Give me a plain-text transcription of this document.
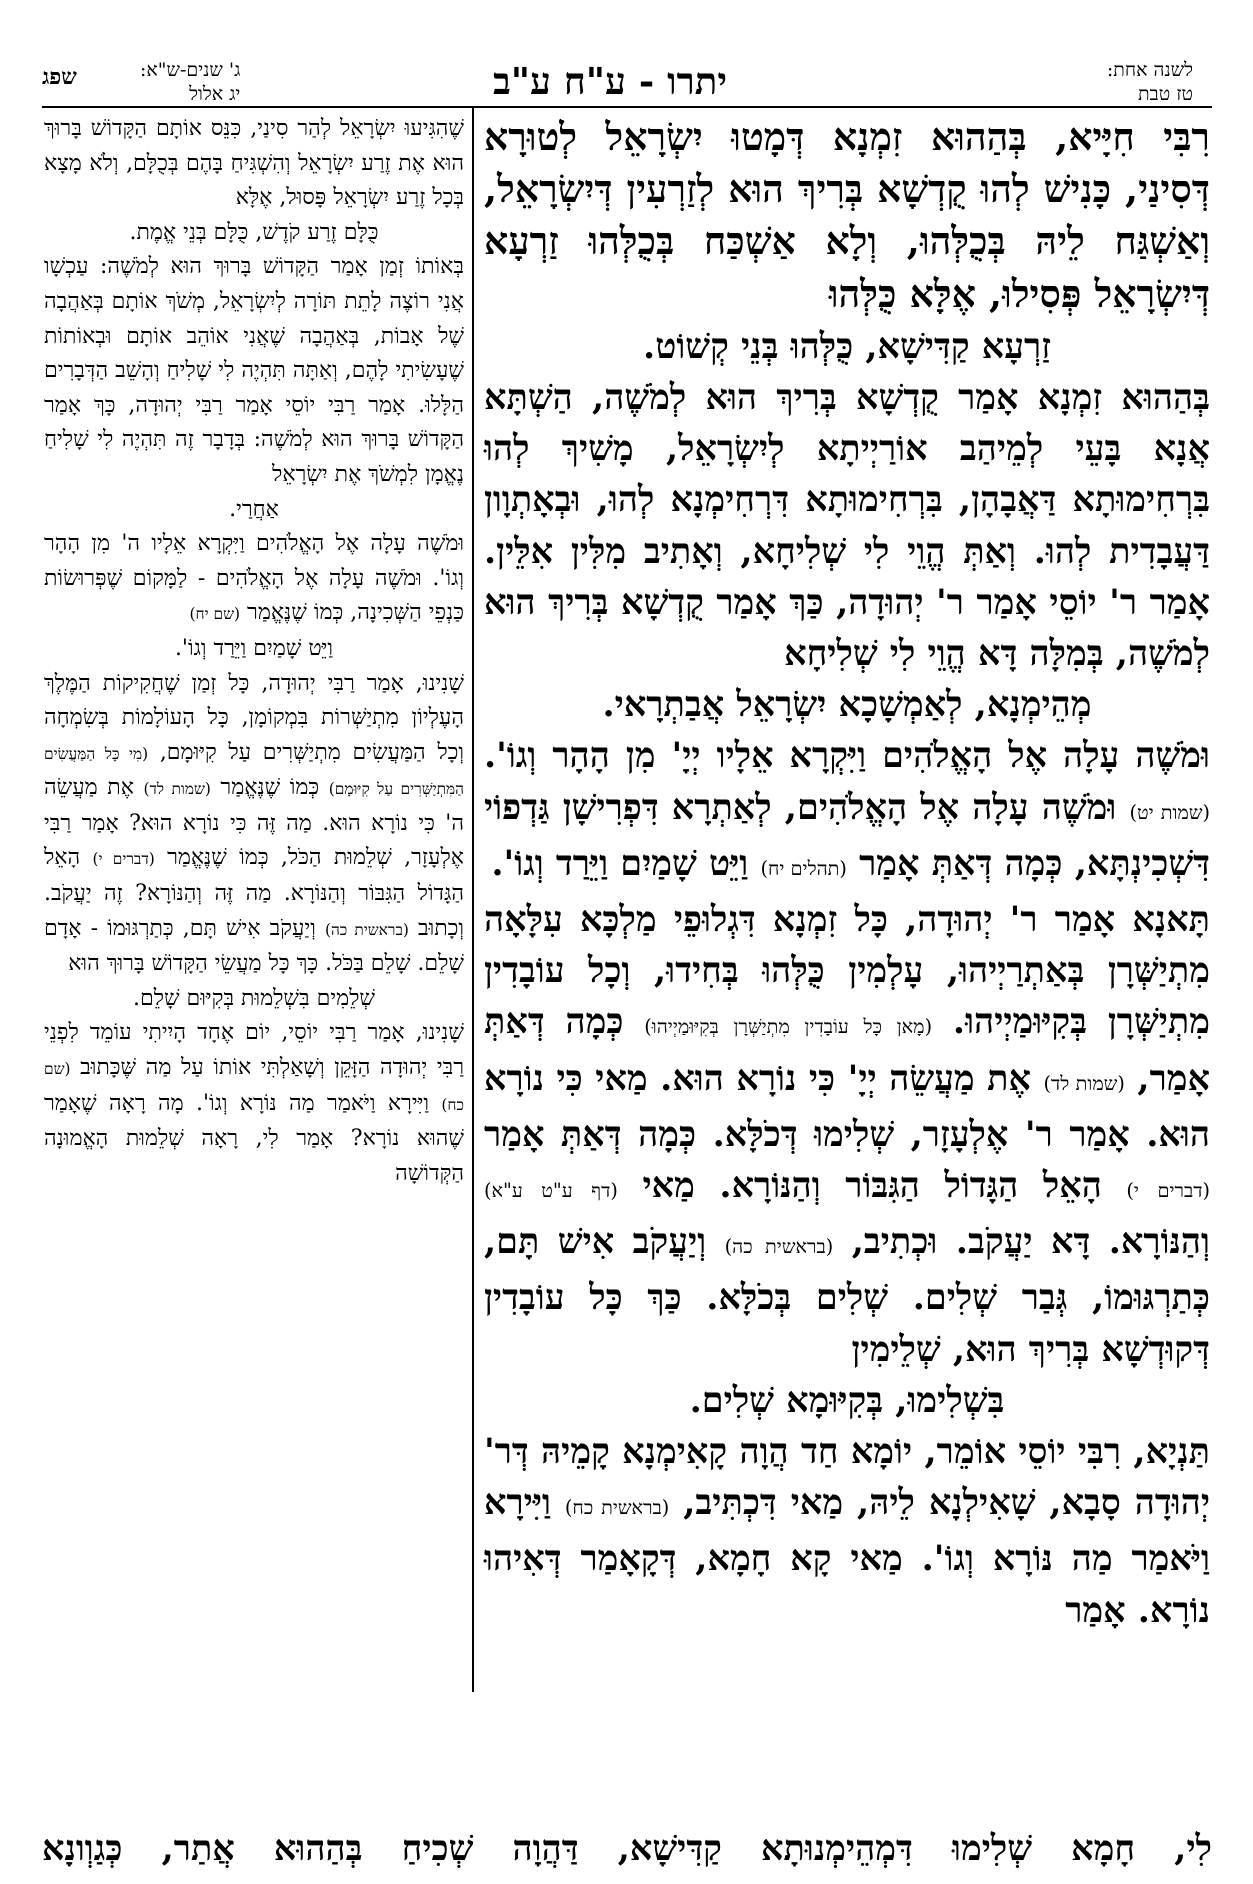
לשנה אחת:
טז טבת
יתרו - ע"ח ע"ב
ג' שנים-ש"א:
יג אלול
שפג

רִבִּי חִיָּיא, בְּהַהוּא זִמְנָא דְּמָטוּ יִשְׂרָאֵל לְטוּרָא דְּסִינַי, כָּנִישׁ לְהוּ קֻדְשָׁא בְּרִיךְ הוּא לְזַרְעִין דְּיִשְׂרָאֵל, וְאַשְׁגַּח לֵיהּ בְּכֻלְּהוּ, וְלָא אַשְׁכַּח בְּכֻלְּהוּ זַרְעָא דְּיִשְׂרָאֵל פְּסִילוּ, אֶלָּא כֻּלְּהוּ

זַרְעָא קַדִּישָׁא, כֻּלְּהוּ בְּנֵי קְשׁוֹט.

בְּהַהוּא זִמְנָא אָמַר קֻדְשָׁא בְּרִיךְ הוּא לְמֹשֶׁה, הַשְׁתָּא אֲנָא בָּעֵי לְמֵיהַב אוֹרַיְיתָא לְיִשְׂרָאֵל, מָשִׁיךְ לְהוּ בִּרְחִימוּתָא דַּאֲבָהָן, בִּרְחִימוּתָא דִּרְחִימְנָא לְהוּ, וּבְאָתְוָון דַּעֲבָדִית לְהוּ. וְאַתְּ הֱוֵי לִי שְׁלִיחָא, וְאָתִיב מִלִּין אִלֵּין. אָמַר ר' יוֹסֵי אָמַר ר' יְהוּדָה, כַּךְ אָמַר קֻדְשָׁא בְּרִיךְ הוּא לְמֹשֶׁה, בְּמִלָּה דָּא הֱוֵי לִי שְׁלִיחָא

מְהֵימְנָא, לְאַמְשָׁכָא יִשְׂרָאֵל אֲבַתְרָאי.

וּמֹשֶׁה עָלָה אֶל הָאֱלֹהִים וַיִּקְרָא אֵלָיו יְיָ' מִן הָהָר וְגוֹ'. (שמות יט) וּמֹשֶׁה עָלָה אֶל הָאֱלֹהִים, לְאַתְרָא דִּפְרִישָׁן גַּדְפוֹי דִּשְׁכִינְתָּא, כְּמָה דְּאַתְּ אָמַר (תהלים יח) וַיֵּט שָׁמַיִם וַיֵּרַד וְגוֹ'.

תָּאנָא אָמַר ר' יְהוּדָה, כָּל זִמְנָא דִּגְלוּפֵי מַלְכָּא עִלָּאָה מִתְיַשְּׁרָן בְּאַתְרַיְיהוּ, עָלְמִין כֻּלְּהוּ בְּחִידוּ, וְכָל עוֹבָדִין מִתְיַשְּׁרָן בְּקִיּוּמַיְיהוּ. (מָאן כָּל עוֹבָדִין מִתְיַשְּׁרָן בְּקִיּוּמַיְיהוּ) כְּמָה דְּאַתְּ אָמַר, (שמות לד) אֶת מַעֲשֵׂה יְיָ' כִּי נוֹרָא הוּא. מַאי כִּי נוֹרָא הוּא. אָמַר ר' אֶלְעָזָר, שְׁלִימוּ דְּכֹלָּא. כְּמָה דְּאַתְּ אָמַר (דברים י) הָאֵל הַגָּדוֹל הַגִּבּוֹר וְהַנּוֹרָא. מַאי (דף ע"ט ע"א) וְהַנּוֹרָא. דָּא יַעֲקֹב. וּכְתִיב, (בראשית כה) וְיַעֲקֹב אִישׁ תָּם, כְּתַרְגּוּמוֹ, גְּבַר שְׁלִים. שְׁלִים בְּכֹלָּא. כַּךְ כָּל עוֹבָדִין דְּקוּדְשָׁא בְּרִיךְ הוּא, שְׁלֵימִין

בִּשְׁלִימוּ, בְּקִיּוּמָא שְׁלִים.

תַּנְיָא, רִבִּי יוֹסֵי אוֹמֵר, יוֹמָא חַד הֲוָה קָאִימְנָא קָמֵיהּ דְּר' יְהוּדָה סָבָא, שָׁאִילְנָא לֵיהּ, מַאי דִּכְתִּיב, (בראשית כח) וַיִּירָא וַיֹּאמַר מַה נּוֹרָא וְגוֹ'. מַאי קָא חָמָא, דְּקָאָמַר דְּאִיהוּ נוֹרָא. אָמַר

שֶׁהִגִּיעוּ יִשְׂרָאֵל לְהַר סִינַי, כִּנֵּס אוֹתָם הַקָּדוֹשׁ בָּרוּךְ הוּא אֶת זֶרַע יִשְׂרָאֵל וְהִשְׁגִּיחַ בָּהֶם בְּכֻלָּם, וְלֹא מָצָא בְּכָל זֶרַע יִשְׂרָאֵל פָּסוּל, אֶלָּא

כֻּלָּם זֶרַע קֹדֶשׁ, כֻּלָּם בְּנֵי אֱמֶת.

בְּאוֹתוֹ זְמַן אָמַר הַקָּדוֹשׁ בָּרוּךְ הוּא לְמֹשֶׁה: עַכְשָׁו אֲנִי רוֹצֶה לָתֵת תּוֹרָה לְיִשְׂרָאֵל, מְשֹׁךְ אוֹתָם בְּאַהֲבָה שֶׁל אָבוֹת, בְּאַהֲבָה שֶׁאֲנִי אוֹהֵב אוֹתָם וּבְאוֹתוֹת שֶׁעָשִׂיתִי לָהֶם, וְאַתָּה תִּהְיֶה לִי שָׁלִיחַ וְהָשֵׁב הַדְּבָרִים הַלָּלוּ. אָמַר רַבִּי יוֹסֵי אָמַר רַבִּי יְהוּדָה, כָּךְ אָמַר הַקָּדוֹשׁ בָּרוּךְ הוּא לְמֹשֶׁה: בְּדָבָר זֶה תִּהְיֶה לִי שָׁלִיחַ נֶאֱמָן לִמְשֹׁךְ אֶת יִשְׂרָאֵל

אַחֲרַי.

וּמֹשֶׁה עָלָה אֶל הָאֱלֹהִים וַיִּקְרָא אֵלָיו ה' מִן הָהָר וְגוֹ'. וּמֹשֶׁה עָלָה אֶל הָאֱלֹהִים - לַמָּקוֹם שֶׁפְּרוּשׂוֹת כַּנְפֵי הַשְּׁכִינָה, כְּמוֹ שֶׁנֶּאֱמַר (שם יח)

וַיֵּט שָׁמַיִם וַיֵּרַד וְגוֹ'.

שָׁנִינוּ, אָמַר רַבִּי יְהוּדָה, כָּל זְמַן שֶׁחֲקִיקוֹת הַמֶּלֶךְ הָעֶלְיוֹן מִתְיַשְּׁרוֹת בִּמְקוֹמָן, כָּל הָעוֹלָמוֹת בְּשִׂמְחָה וְכָל הַמַּעֲשִׂים מִתְיַשְּׁרִים עַל קִיּוּמָם, (מִי כָּל הַמַּעֲשִׂים הַמִּתְיַשְּׁרִים עַל קִיּוּמָם) כְּמוֹ שֶׁנֶּאֱמַר (שמות לד) אֶת מַעֲשֵׂה ה' כִּי נוֹרָא הוּא. מַה זֶּה כִּי נוֹרָא הוּא? אָמַר רַבִּי אֶלְעָזָר, שְׁלֵמוּת הַכֹּל, כְּמוֹ שֶׁנֶּאֱמַר (דברים י) הָאֵל הַגָּדוֹל הַגִּבּוֹר וְהַנּוֹרָא. מַה זֶּה וְהַנּוֹרָא? זֶה יַעֲקֹב. וְכָתוּב (בראשית כה) וְיַעֲקֹב אִישׁ תָּם, כְּתַרְגּוּמוֹ - אָדָם שָׁלֵם. שָׁלֵם בַּכֹּל. כָּךְ כָּל מַעֲשֵׂי הַקָּדוֹשׁ בָּרוּךְ הוּא

שְׁלֵמִים בִּשְׁלֵמוּת בְּקִיּוּם שָׁלֵם.

שָׁנִינוּ, אָמַר רַבִּי יוֹסֵי, יוֹם אֶחָד הָיִיתִי עוֹמֵד לִפְנֵי רַבִּי יְהוּדָה הַזָּקֵן וְשָׁאַלְתִּי אוֹתוֹ עַל מַה שֶּׁכָּתוּב (שם כח) וַיִּירָא וַיֹּאמַר מַה נּוֹרָא וְגוֹ'. מָה רָאָה שֶׁאָמַר שֶׁהוּא נוֹרָא? אָמַר לִי, רָאָה שְׁלֵמוּת הָאֱמוּנָה הַקְּדוֹשָׁה

לִי, חָמָא שְׁלִימוּ דִּמְהֵימְנוּתָא קַדִּישָׁא, דַּהֲוָה שְׁכִיחַ בְּהַהוּא אֲתַר, כְּגַוְונָא
